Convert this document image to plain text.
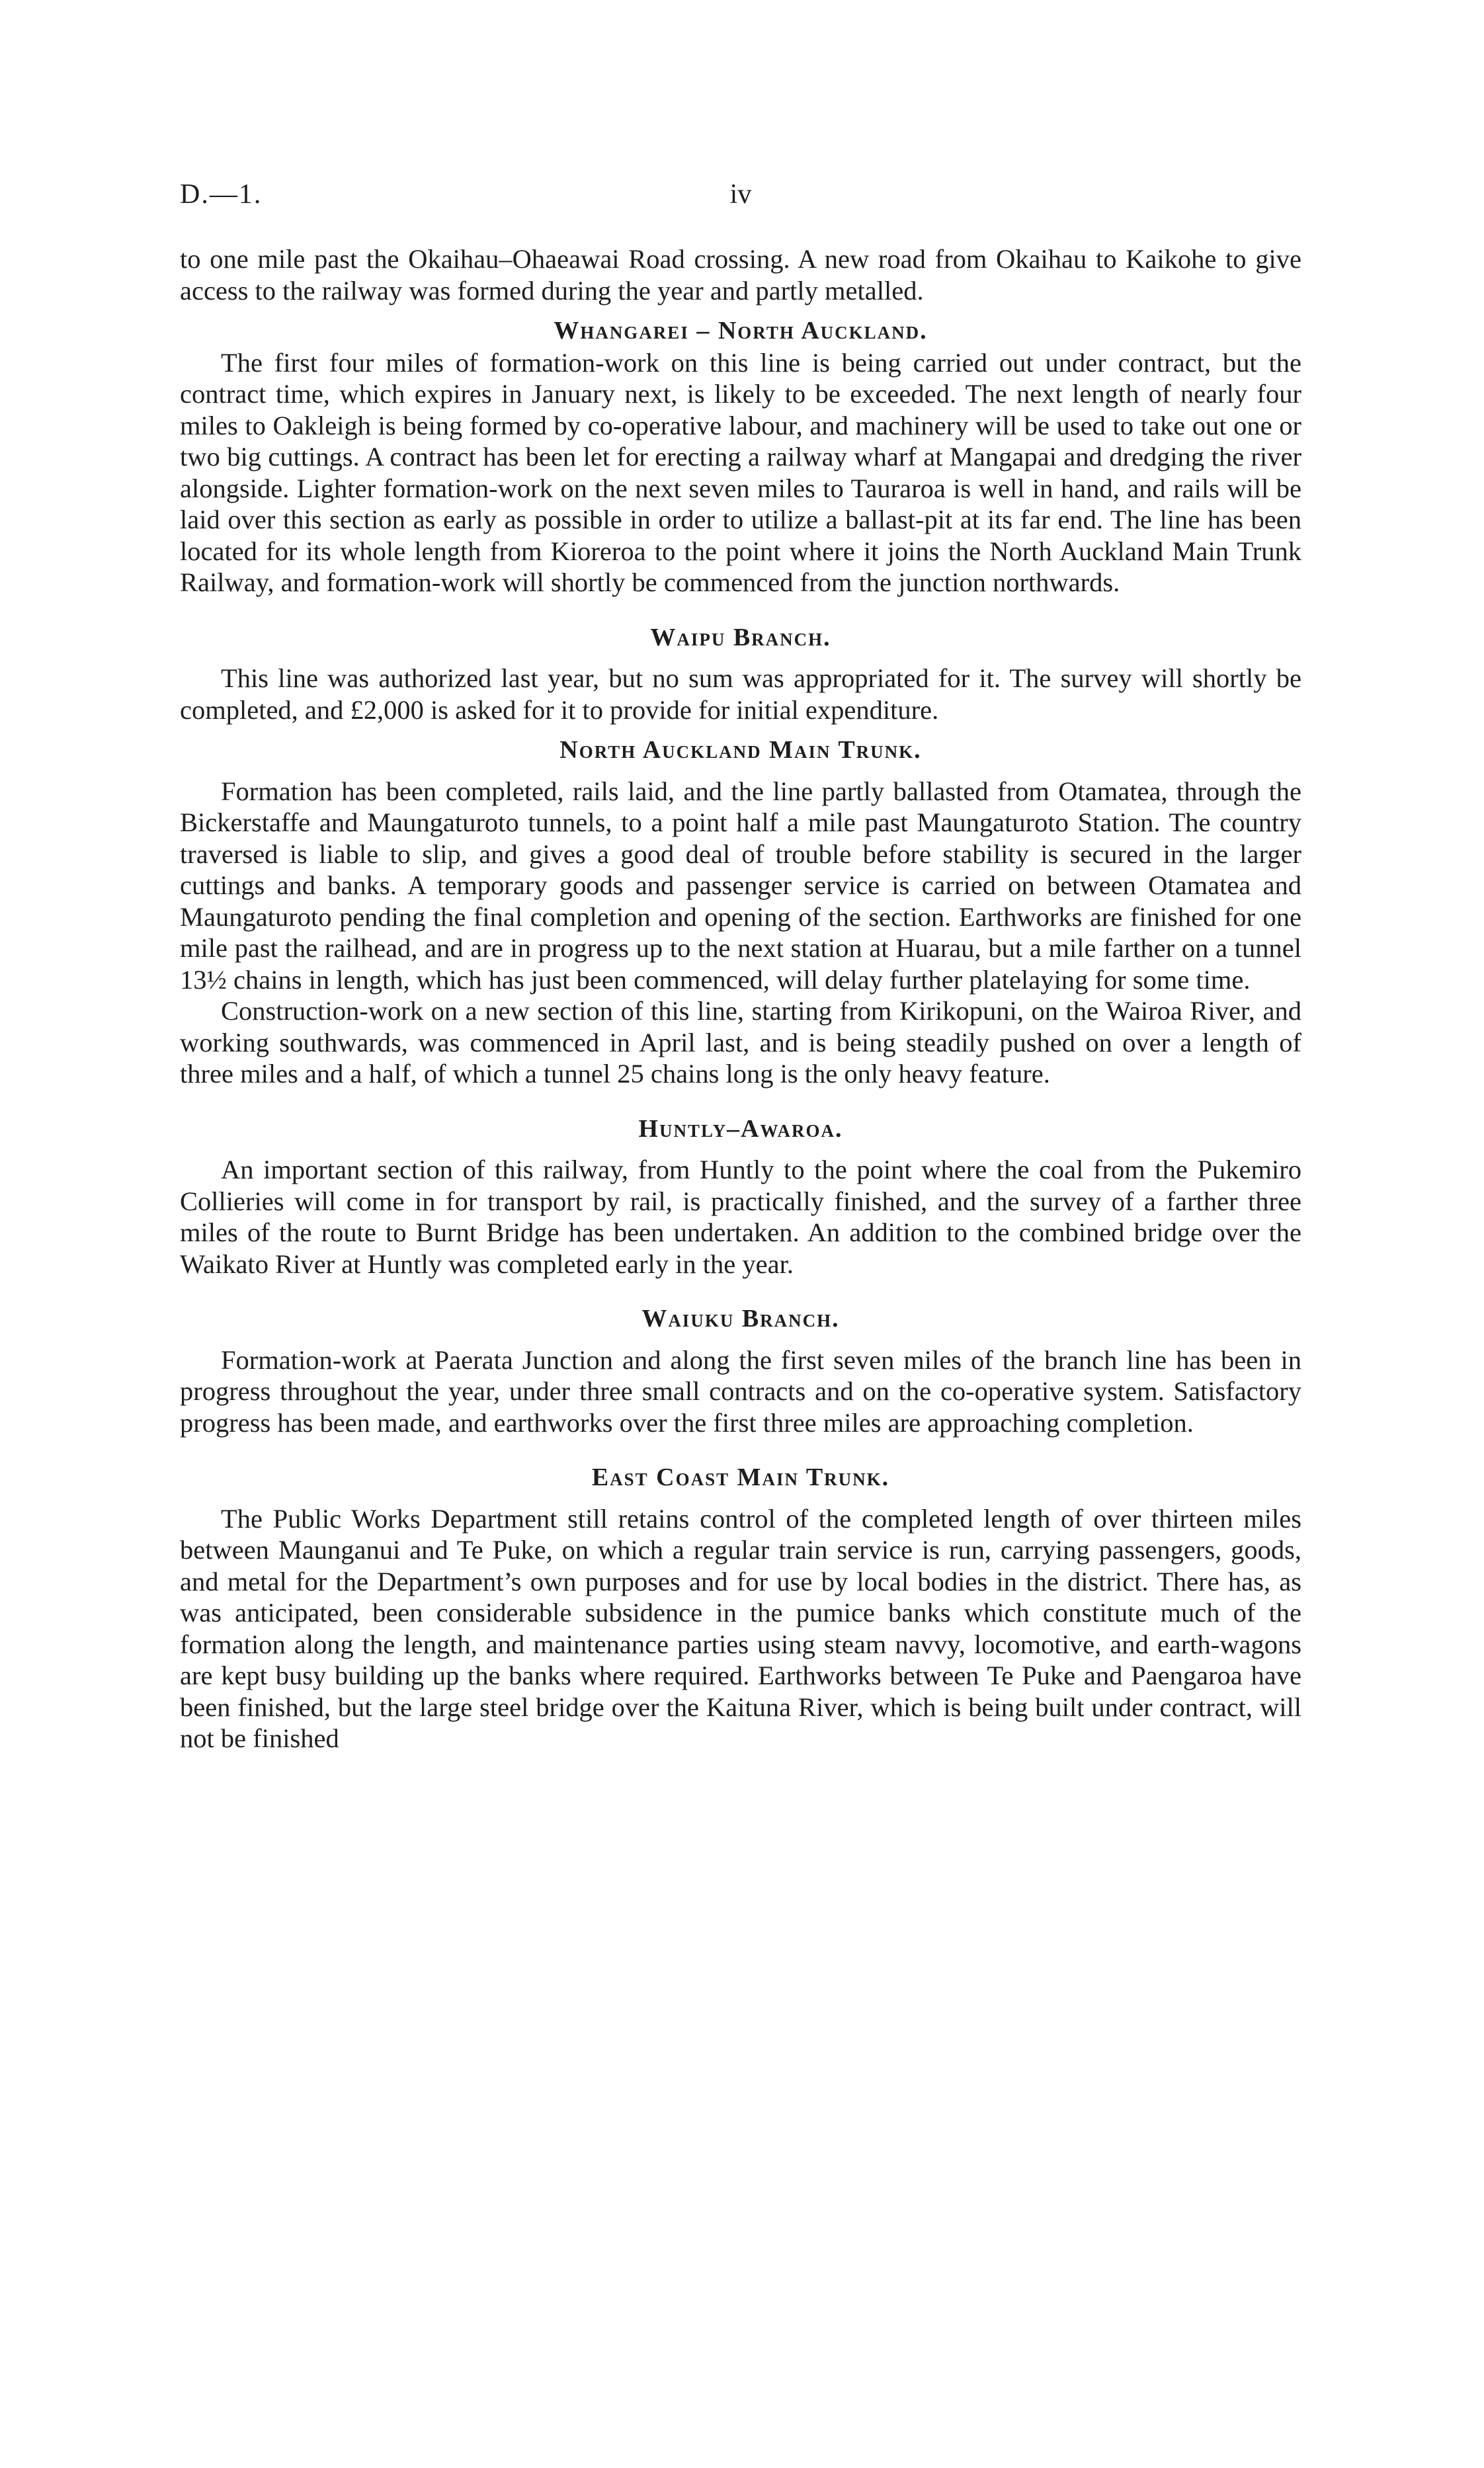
D.—1.	iv

to one mile past the Okaihau–Ohaeawai Road crossing. A new road from Okaihau to Kaikohe to give access to the railway was formed during the year and partly metalled.

Whangarei – North Auckland.

The first four miles of formation-work on this line is being carried out under contract, but the contract time, which expires in January next, is likely to be exceeded. The next length of nearly four miles to Oakleigh is being formed by co-operative labour, and machinery will be used to take out one or two big cuttings. A contract has been let for erecting a railway wharf at Mangapai and dredging the river alongside. Lighter formation-work on the next seven miles to Tauraroa is well in hand, and rails will be laid over this section as early as possible in order to utilize a ballast-pit at its far end. The line has been located for its whole length from Kioreroa to the point where it joins the North Auckland Main Trunk Railway, and formation-work will shortly be commenced from the junction northwards.

Waipu Branch.

This line was authorized last year, but no sum was appropriated for it. The survey will shortly be completed, and £2,000 is asked for it to provide for initial expenditure.

North Auckland Main Trunk.

Formation has been completed, rails laid, and the line partly ballasted from Otamatea, through the Bickerstaffe and Maungaturoto tunnels, to a point half a mile past Maungaturoto Station. The country traversed is liable to slip, and gives a good deal of trouble before stability is secured in the larger cuttings and banks. A temporary goods and passenger service is carried on between Otamatea and Maungaturoto pending the final completion and opening of the section. Earthworks are finished for one mile past the railhead, and are in progress up to the next station at Huarau, but a mile farther on a tunnel 13½ chains in length, which has just been commenced, will delay further platelaying for some time.

Construction-work on a new section of this line, starting from Kirikopuni, on the Wairoa River, and working southwards, was commenced in April last, and is being steadily pushed on over a length of three miles and a half, of which a tunnel 25 chains long is the only heavy feature.

Huntly–Awaroa.

An important section of this railway, from Huntly to the point where the coal from the Pukemiro Collieries will come in for transport by rail, is practically finished, and the survey of a farther three miles of the route to Burnt Bridge has been undertaken. An addition to the combined bridge over the Waikato River at Huntly was completed early in the year.

Waiuku Branch.

Formation-work at Paerata Junction and along the first seven miles of the branch line has been in progress throughout the year, under three small contracts and on the co-operative system. Satisfactory progress has been made, and earthworks over the first three miles are approaching completion.

East Coast Main Trunk.

The Public Works Department still retains control of the completed length of over thirteen miles between Maunganui and Te Puke, on which a regular train service is run, carrying passengers, goods, and metal for the Department’s own purposes and for use by local bodies in the district. There has, as was anticipated, been considerable subsidence in the pumice banks which constitute much of the formation along the length, and maintenance parties using steam navvy, locomotive, and earth-wagons are kept busy building up the banks where required. Earthworks between Te Puke and Paengaroa have been finished, but the large steel bridge over the Kaituna River, which is being built under contract, will not be finished
